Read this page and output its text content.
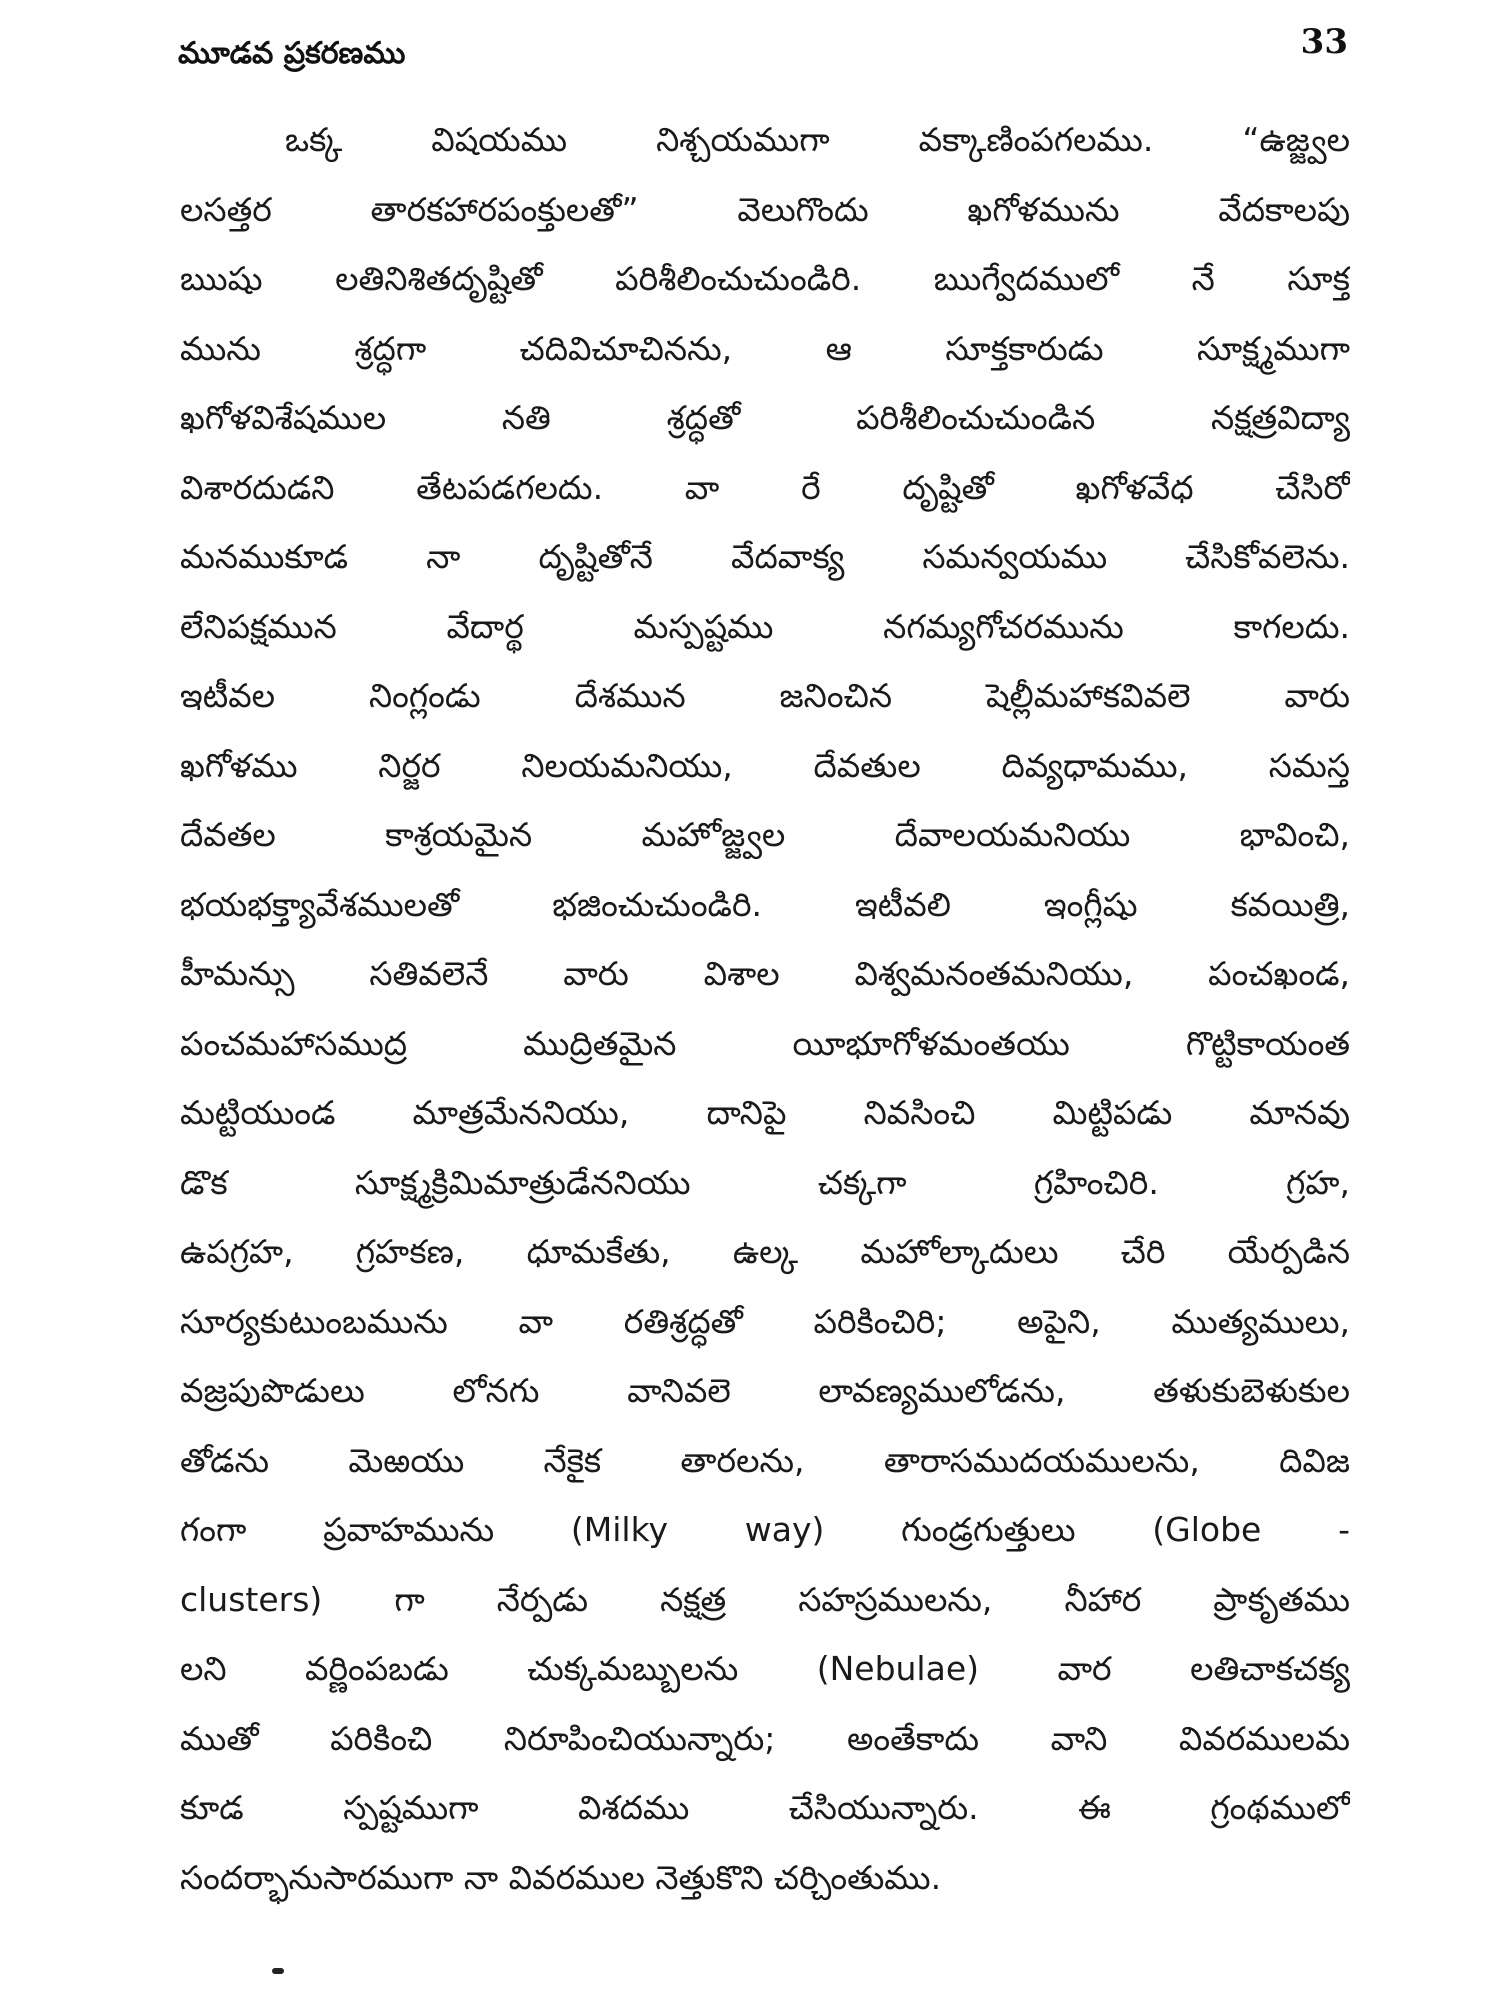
మూడవ ప్రకరణము	33
ఒక్క విషయము నిశ్చయముగా వక్కాణింపగలము. “ఉజ్జ్వల
లసత్తర తారకహారపంక్తులతో” వెలుగొందు ఖగోళమును వేదకాలపు
ఋషు లతినిశితదృష్టితో పరిశీలించుచుండిరి. ఋగ్వేదములో నే సూక్త
మును శ్రద్ధగా చదివిచూచినను, ఆ సూక్తకారుడు సూక్ష్మముగా
ఖగోళవిశేషముల నతి శ్రద్ధతో పరిశీలించుచుండిన నక్షత్రవిద్యా
విశారదుడని తేటపడగలదు. వా రే దృష్టితో ఖగోళవేధ చేసిరో
మనముకూడ నా దృష్టితోనే వేదవాక్య సమన్వయము చేసికోవలెను.
లేనిపక్షమున వేదార్థ మస్పష్టము నగమ్యగోచరమును కాగలదు.
ఇటీవల నింగ్లండు దేశమున జనించిన షెల్లీమహాకవివలె వారు
ఖగోళము నిర్జర నిలయమనియు, దేవతుల దివ్యధామము, సమస్త
దేవతల కాశ్రయమైన మహోజ్జ్వల దేవాలయమనియు భావించి,
భయభక్త్యావేశములతో భజించుచుండిరి. ఇటీవలి ఇంగ్లీషు కవయిత్రి,
హీమన్సు సతివలెనే వారు విశాల విశ్వమనంతమనియు, పంచఖండ,
పంచమహాసముద్ర ముద్రితమైన యీభూగోళమంతయు గొట్టికాయంత
మట్టియుండ మాత్రమేననియు, దానిపై నివసించి మిట్టిపడు మానవు
డొక సూక్ష్మక్రిమిమాత్రుడేననియు చక్కగా గ్రహించిరి. గ్రహ,
ఉపగ్రహ, గ్రహకణ, ధూమకేతు, ఉల్క మహోల్కాదులు చేరి యేర్పడిన
సూర్యకుటుంబమును వా రతిశ్రద్ధతో పరికించిరి; అపైని, ముత్యములు,
వజ్రపుపొడులు లోనగు వానివలె లావణ్యములోడను, తళుకుబెళుకుల
తోడను మెఱయు నేకైక తారలను, తారాసముదయములను, దివిజ
గంగా ప్రవాహమును (Milky way) గుండ్రగుత్తులు (Globe -
clusters) గా నేర్పడు నక్షత్ర సహస్రములను, నీహార ప్రాకృతము
లని వర్ణింపబడు చుక్కమబ్బులను (Nebulae) వార లతిచాకచక్య
ముతో పరికించి నిరూపించియున్నారు; అంతేకాదు వాని వివరములమ
కూడ స్పష్టముగా విశదము చేసియున్నారు. ఈ గ్రంథములో
సందర్భానుసారముగా నా వివరముల నెత్తుకొని చర్చింతుము.
